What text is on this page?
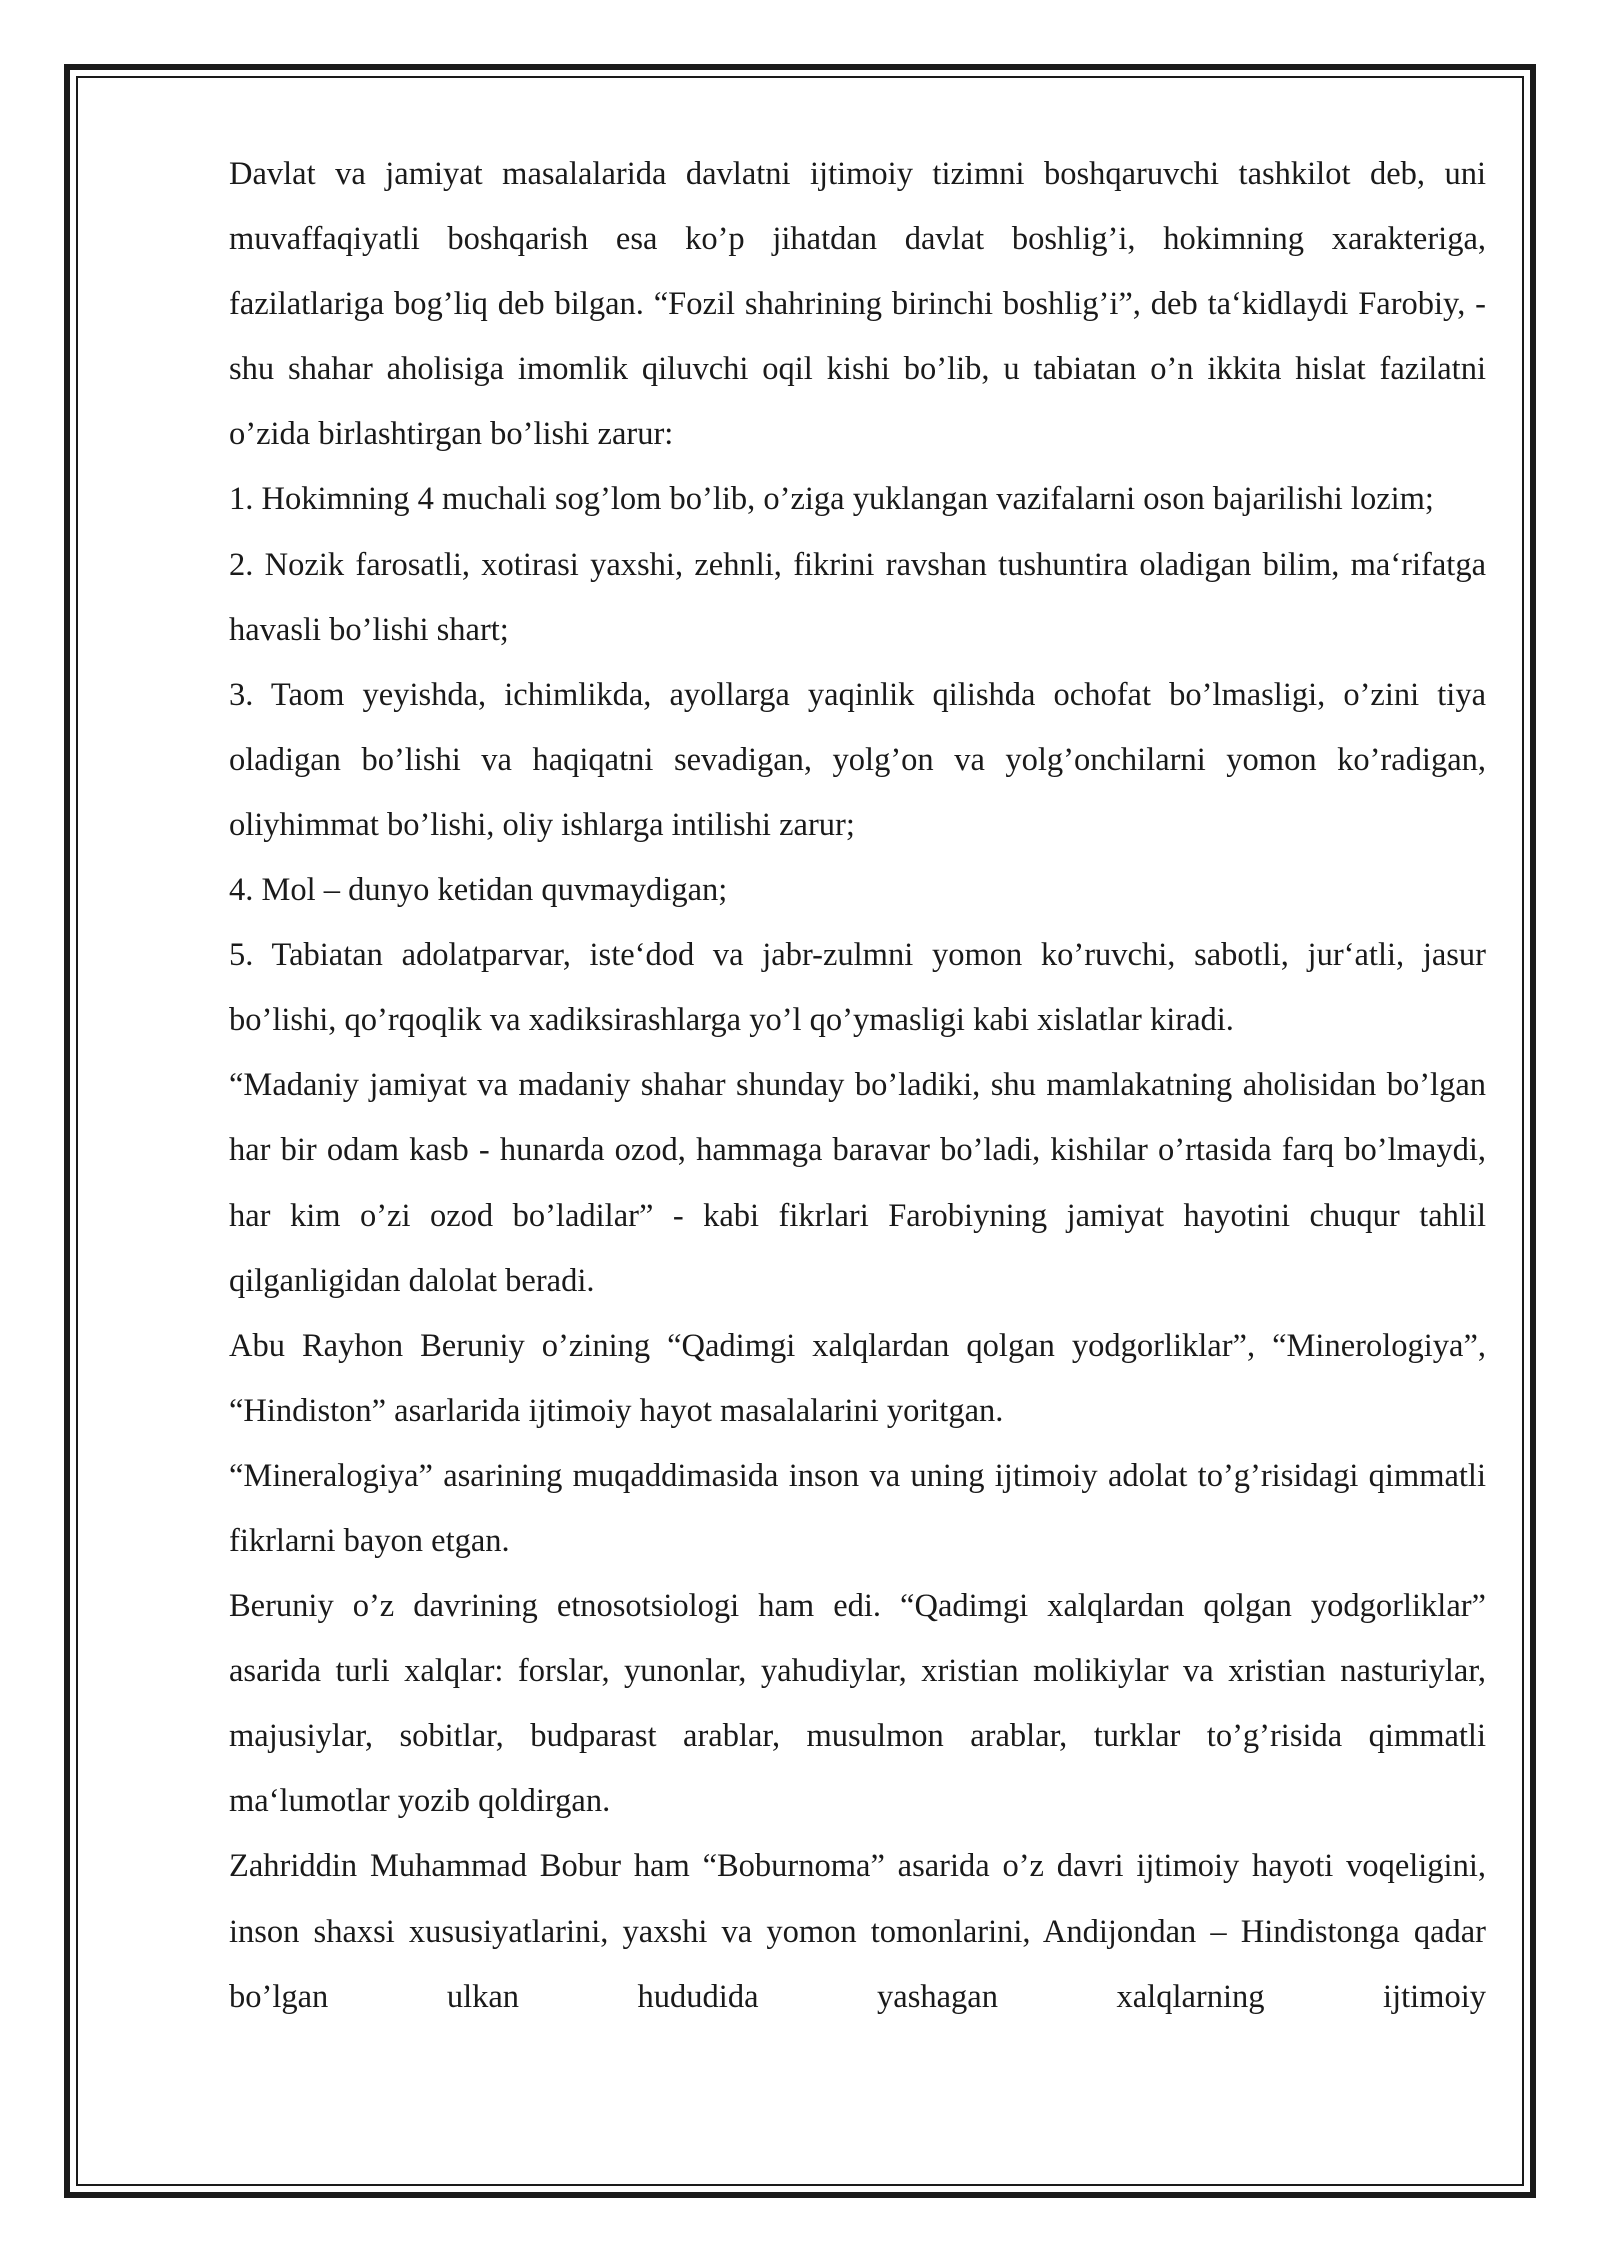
Davlat va jamiyat masalalarida davlatni ijtimoiy tizimni boshqaruvchi tashkilot deb, uni muvaffaqiyatli boshqarish esa ko’p jihatdan davlat boshlig’i, hokimning xarakteriga, fazilatlariga bog’liq deb bilgan. “Fozil shahrining birinchi boshlig’i”, deb ta‘kidlaydi Farobiy, - shu shahar aholisiga imomlik qiluvchi oqil kishi bo’lib, u tabiatan o’n ikkita hislat fazilatni o’zida birlashtirgan bo’lishi zarur:

1. Hokimning 4 muchali sog’lom bo’lib, o’ziga yuklangan vazifalarni oson bajarilishi lozim;

2. Nozik farosatli, xotirasi yaxshi, zehnli, fikrini ravshan tushuntira oladigan bilim, ma‘rifatga havasli bo’lishi shart;

3. Taom yeyishda, ichimlikda, ayollarga yaqinlik qilishda ochofat bo’lmasligi, o’zini tiya oladigan bo’lishi va haqiqatni sevadigan, yolg’on va yolg’onchilarni yomon ko’radigan, oliyhimmat bo’lishi, oliy ishlarga intilishi zarur;

4. Mol – dunyo ketidan quvmaydigan;

5. Tabiatan adolatparvar, iste‘dod va jabr-zulmni yomon ko’ruvchi, sabotli, jur‘atli, jasur bo’lishi, qo’rqoqlik va xadiksirashlarga yo’l qo’ymasligi kabi xislatlar kiradi.

“Madaniy jamiyat va madaniy shahar shunday bo’ladiki, shu mamlakatning aholisidan bo’lgan har bir odam kasb - hunarda ozod, hammaga baravar bo’ladi, kishilar o’rtasida farq bo’lmaydi, har kim o’zi ozod bo’ladilar” - kabi fikrlari Farobiyning jamiyat hayotini chuqur tahlil qilganligidan dalolat beradi.

Abu Rayhon Beruniy o’zining “Qadimgi xalqlardan qolgan yodgorliklar”, “Minerologiya”, “Hindiston” asarlarida ijtimoiy hayot masalalarini yoritgan.

“Mineralogiya” asarining muqaddimasida inson va uning ijtimoiy adolat to’g’risidagi qimmatli fikrlarni bayon etgan.

Beruniy o’z davrining etnosotsiologi ham edi. “Qadimgi xalqlardan qolgan yodgorliklar” asarida turli xalqlar: forslar, yunonlar, yahudiylar, xristian molikiylar va xristian nasturiylar, majusiylar, sobitlar, budparast arablar, musulmon arablar, turklar to’g’risida qimmatli ma‘lumotlar yozib qoldirgan.

Zahriddin Muhammad Bobur ham “Boburnoma” asarida o’z davri ijtimoiy hayoti voqeligini, inson shaxsi xususiyatlarini, yaxshi va yomon tomonlarini, Andijondan – Hindistonga qadar bo’lgan ulkan hududida yashagan xalqlarning ijtimoiy
